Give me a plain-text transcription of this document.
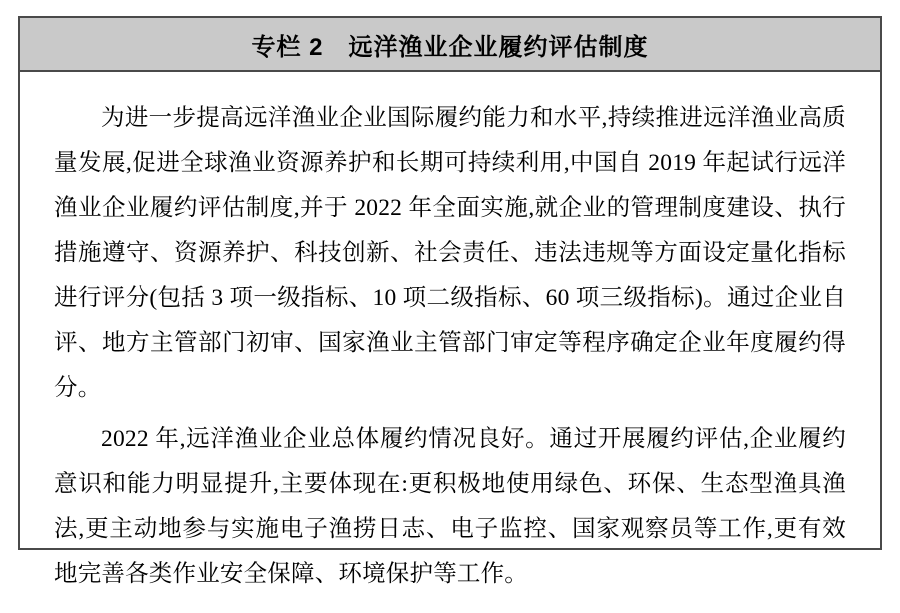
专栏 2　远洋渔业企业履约评估制度

为进一步提高远洋渔业企业国际履约能力和水平,持续推进远洋渔业高质量发展,促进全球渔业资源养护和长期可持续利用,中国自 2019 年起试行远洋渔业企业履约评估制度,并于 2022 年全面实施,就企业的管理制度建设、执行措施遵守、资源养护、科技创新、社会责任、违法违规等方面设定量化指标进行评分(包括 3 项一级指标、10 项二级指标、60 项三级指标)。通过企业自评、地方主管部门初审、国家渔业主管部门审定等程序确定企业年度履约得分。

2022 年,远洋渔业企业总体履约情况良好。通过开展履约评估,企业履约意识和能力明显提升,主要体现在:更积极地使用绿色、环保、生态型渔具渔法,更主动地参与实施电子渔捞日志、电子监控、国家观察员等工作,更有效地完善各类作业安全保障、环境保护等工作。
